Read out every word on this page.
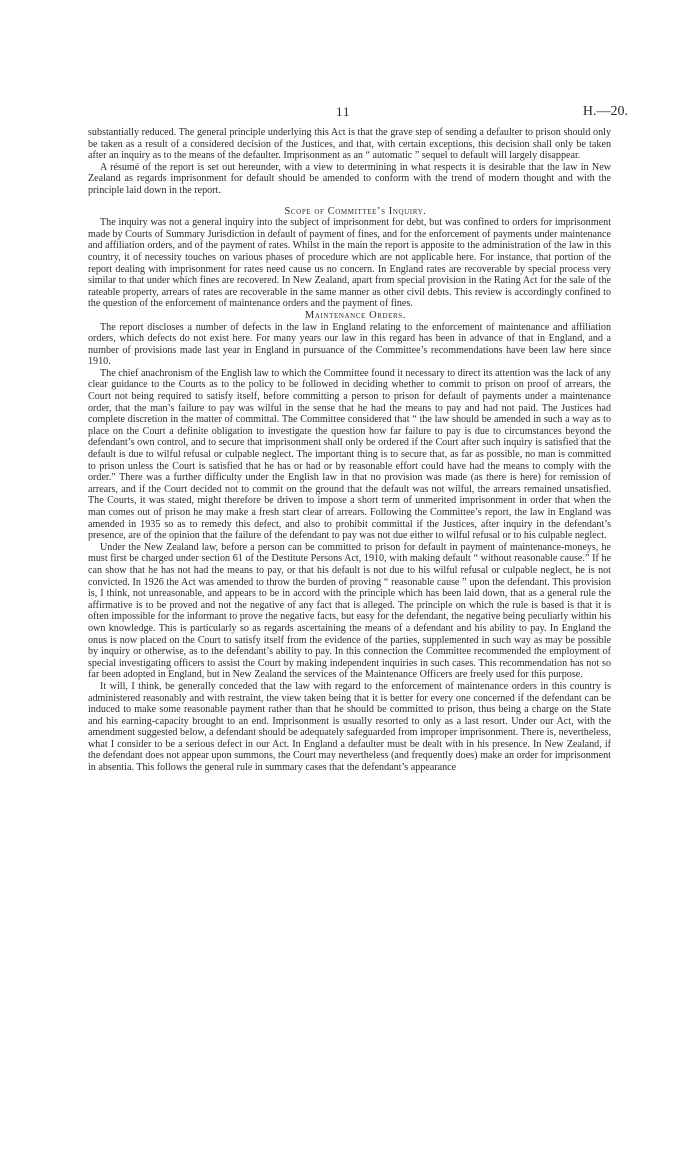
11	H.—20.

substantially reduced. The general principle underlying this Act is that the grave step of sending a defaulter to prison should only be taken as a result of a considered decision of the Justices, and that, with certain exceptions, this decision shall only be taken after an inquiry as to the means of the defaulter. Imprisonment as an “ automatic ” sequel to default will largely disappear.

A résumé of the report is set out hereunder, with a view to determining in what respects it is desirable that the law in New Zealand as regards imprisonment for default should be amended to conform with the trend of modern thought and with the principle laid down in the report.

Scope of Committee’s Inquiry.

The inquiry was not a general inquiry into the subject of imprisonment for debt, but was confined to orders for imprisonment made by Courts of Summary Jurisdiction in default of payment of fines, and for the enforcement of payments under maintenance and affiliation orders, and of the payment of rates. Whilst in the main the report is apposite to the administration of the law in this country, it of necessity touches on various phases of procedure which are not applicable here. For instance, that portion of the report dealing with imprisonment for rates need cause us no concern. In England rates are recoverable by special process very similar to that under which fines are recovered. In New Zealand, apart from special provision in the Rating Act for the sale of the rateable property, arrears of rates are recoverable in the same manner as other civil debts. This review is accordingly confined to the question of the enforcement of maintenance orders and the payment of fines.

Maintenance Orders.

The report discloses a number of defects in the law in England relating to the enforcement of maintenance and affiliation orders, which defects do not exist here. For many years our law in this regard has been in advance of that in England, and a number of provisions made last year in England in pursuance of the Committee’s recommendations have been law here since 1910.

The chief anachronism of the English law to which the Committee found it necessary to direct its attention was the lack of any clear guidance to the Courts as to the policy to be followed in deciding whether to commit to prison on proof of arrears, the Court not being required to satisfy itself, before committing a person to prison for default of payments under a maintenance order, that the man’s failure to pay was wilful in the sense that he had the means to pay and had not paid. The Justices had complete discretion in the matter of committal. The Committee considered that “ the law should be amended in such a way as to place on the Court a definite obligation to investigate the question how far failure to pay is due to circumstances beyond the defendant’s own control, and to secure that imprisonment shall only be ordered if the Court after such inquiry is satisfied that the default is due to wilful refusal or culpable neglect. The important thing is to secure that, as far as possible, no man is committed to prison unless the Court is satisfied that he has or had or by reasonable effort could have had the means to comply with the order.” There was a further difficulty under the English law in that no provision was made (as there is here) for remission of arrears, and if the Court decided not to commit on the ground that the default was not wilful, the arrears remained unsatisfied. The Courts, it was stated, might therefore be driven to impose a short term of unmerited imprisonment in order that when the man comes out of prison he may make a fresh start clear of arrears. Following the Committee’s report, the law in England was amended in 1935 so as to remedy this defect, and also to prohibit committal if the Justices, after inquiry in the defendant’s presence, are of the opinion that the failure of the defendant to pay was not due either to wilful refusal or to his culpable neglect.

Under the New Zealand law, before a person can be committed to prison for default in payment of maintenance-moneys, he must first be charged under section 61 of the Destitute Persons Act, 1910, with making default “ without reasonable cause.” If he can show that he has not had the means to pay, or that his default is not due to his wilful refusal or culpable neglect, he is not convicted. In 1926 the Act was amended to throw the burden of proving “ reasonable cause ” upon the defendant. This provision is, I think, not unreasonable, and appears to be in accord with the principle which has been laid down, that as a general rule the affirmative is to be proved and not the negative of any fact that is alleged. The principle on which the rule is based is that it is often impossible for the informant to prove the negative facts, but easy for the defendant, the negative being peculiarly within his own knowledge. This is particularly so as regards ascertaining the means of a defendant and his ability to pay. In England the onus is now placed on the Court to satisfy itself from the evidence of the parties, supplemented in such way as may be possible by inquiry or otherwise, as to the defendant’s ability to pay. In this connection the Committee recommended the employment of special investigating officers to assist the Court by making independent inquiries in such cases. This recommendation has not so far been adopted in England, but in New Zealand the services of the Maintenance Officers are freely used for this purpose.

It will, I think, be generally conceded that the law with regard to the enforcement of maintenance orders in this country is administered reasonably and with restraint, the view taken being that it is better for every one concerned if the defendant can be induced to make some reasonable payment rather than that he should be committed to prison, thus being a charge on the State and his earning-capacity brought to an end. Imprisonment is usually resorted to only as a last resort. Under our Act, with the amendment suggested below, a defendant should be adequately safeguarded from improper imprisonment. There is, nevertheless, what I consider to be a serious defect in our Act. In England a defaulter must be dealt with in his presence. In New Zealand, if the defendant does not appear upon summons, the Court may nevertheless (and frequently does) make an order for imprisonment in absentia. This follows the general rule in summary cases that the defendant’s appearance
